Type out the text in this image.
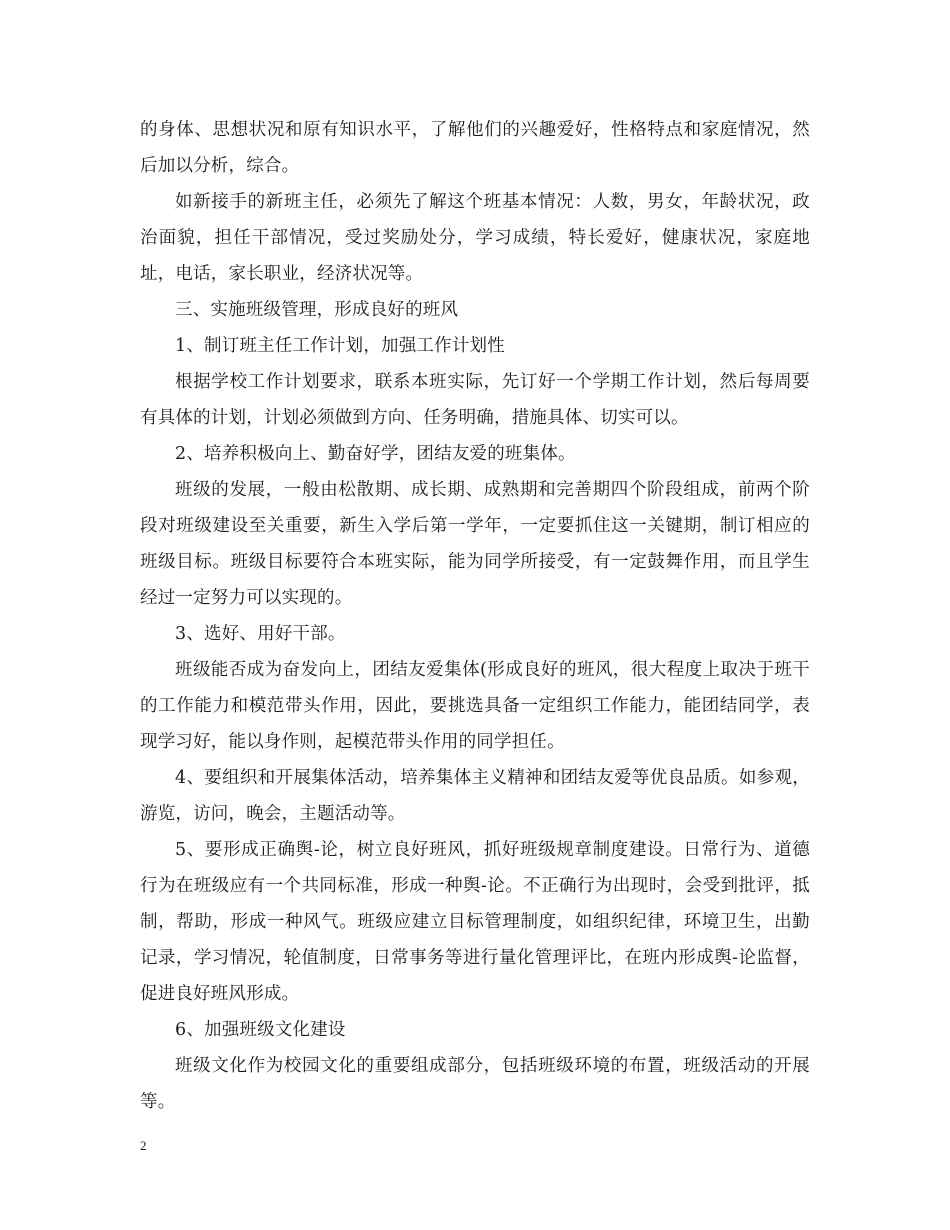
的身体、思想状况和原有知识水平，了解他们的兴趣爱好，性格特点和家庭情况，然后加以分析，综合。

如新接手的新班主任，必须先了解这个班基本情况：人数，男女，年龄状况，政治面貌，担任干部情况，受过奖励处分，学习成绩，特长爱好，健康状况，家庭地址，电话，家长职业，经济状况等。

三、实施班级管理，形成良好的班风

1、制订班主任工作计划，加强工作计划性

根据学校工作计划要求，联系本班实际，先订好一个学期工作计划，然后每周要有具体的计划，计划必须做到方向、任务明确，措施具体、切实可以。

2、培养积极向上、勤奋好学，团结友爱的班集体。

班级的发展，一般由松散期、成长期、成熟期和完善期四个阶段组成，前两个阶段对班级建设至关重要，新生入学后第一学年，一定要抓住这一关键期，制订相应的班级目标。班级目标要符合本班实际，能为同学所接受，有一定鼓舞作用，而且学生经过一定努力可以实现的。

3、选好、用好干部。

班级能否成为奋发向上，团结友爱集体(形成良好的班风，很大程度上取决于班干的工作能力和模范带头作用，因此，要挑选具备一定组织工作能力，能团结同学，表现学习好，能以身作则，起模范带头作用的同学担任。

4、要组织和开展集体活动，培养集体主义精神和团结友爱等优良品质。如参观，游览，访问，晚会，主题活动等。

5、要形成正确舆-论，树立良好班风，抓好班级规章制度建设。日常行为、道德行为在班级应有一个共同标准，形成一种舆-论。不正确行为出现时，会受到批评，抵制，帮助，形成一种风气。班级应建立目标管理制度，如组织纪律，环境卫生，出勤记录，学习情况，轮值制度，日常事务等进行量化管理评比，在班内形成舆-论监督，促进良好班风形成。

6、加强班级文化建设

班级文化作为校园文化的重要组成部分，包括班级环境的布置，班级活动的开展等。

2
